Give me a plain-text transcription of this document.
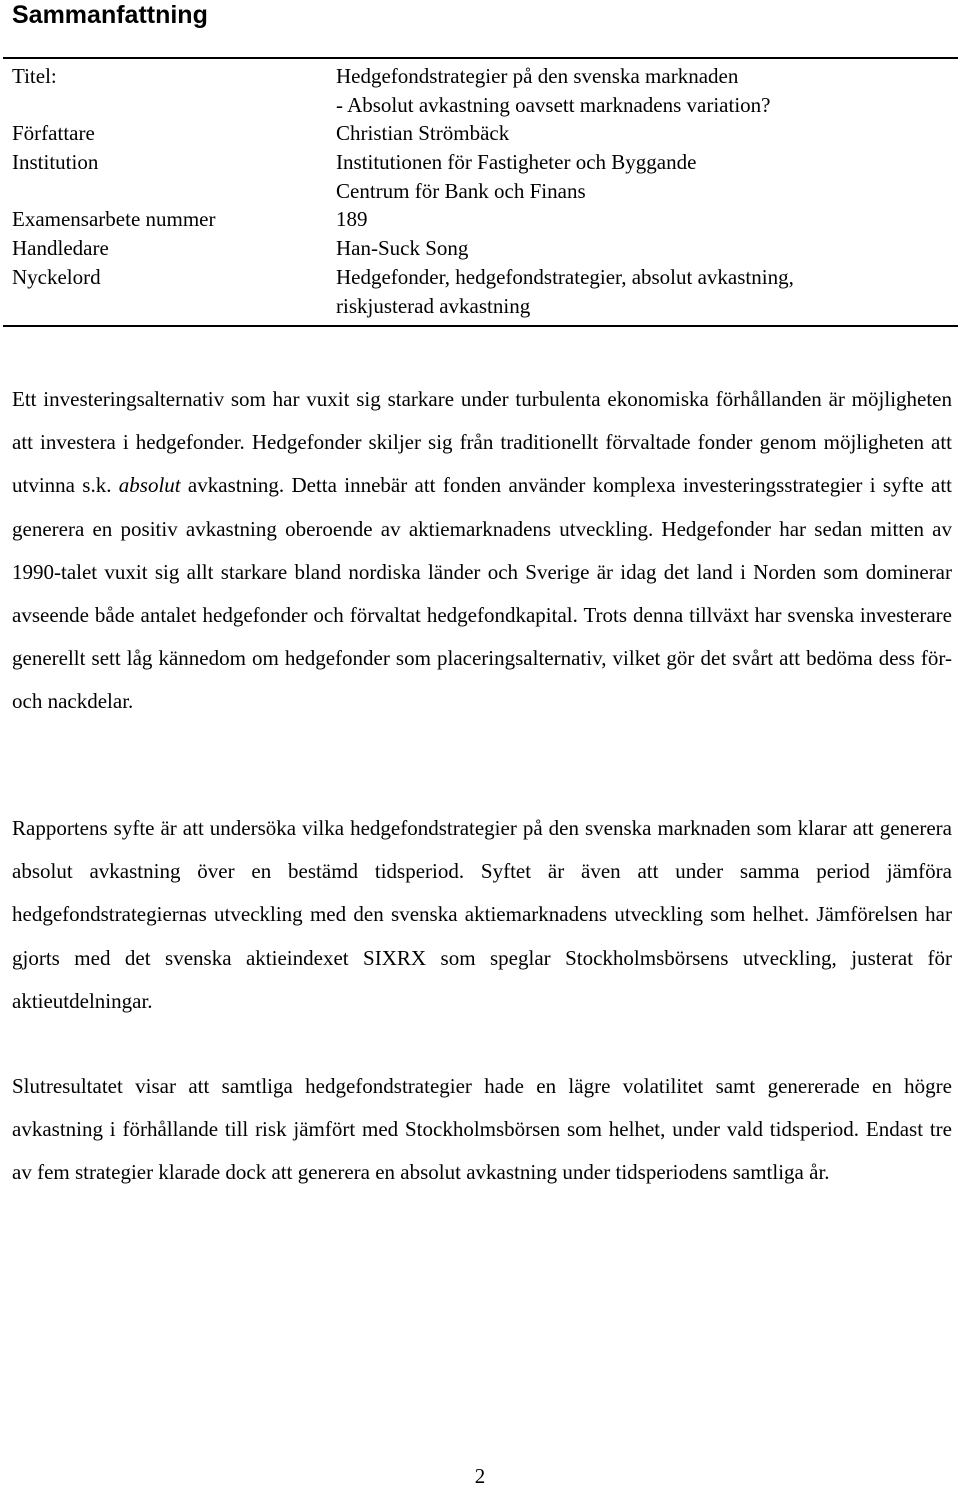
Sammanfattning
Titel:	Hedgefondstrategier på den svenska marknaden
- Absolut avkastning oavsett marknadens variation?
Författare	Christian Strömbäck
Institution	Institutionen för Fastigheter och Byggande
Centrum för Bank och Finans
Examensarbete nummer	189
Handledare	Han-Suck Song
Nyckelord	Hedgefonder, hedgefondstrategier, absolut avkastning,
riskjusterad avkastning

Ett investeringsalternativ som har vuxit sig starkare under turbulenta ekonomiska förhållanden är möjligheten att investera i hedgefonder. Hedgefonder skiljer sig från traditionellt förvaltade fonder genom möjligheten att utvinna s.k. absolut avkastning. Detta innebär att fonden använder komplexa investeringsstrategier i syfte att generera en positiv avkastning oberoende av aktiemarknadens utveckling. Hedgefonder har sedan mitten av 1990-talet vuxit sig allt starkare bland nordiska länder och Sverige är idag det land i Norden som dominerar avseende både antalet hedgefonder och förvaltat hedgefondkapital. Trots denna tillväxt har svenska investerare generellt sett låg kännedom om hedgefonder som placeringsalternativ, vilket gör det svårt att bedöma dess för- och nackdelar.

Rapportens syfte är att undersöka vilka hedgefondstrategier på den svenska marknaden som klarar att generera absolut avkastning över en bestämd tidsperiod. Syftet är även att under samma period jämföra hedgefondstrategiernas utveckling med den svenska aktiemarknadens utveckling som helhet. Jämförelsen har gjorts med det svenska aktieindexet SIXRX som speglar Stockholmsbörsens utveckling, justerat för aktieutdelningar.

Slutresultatet visar att samtliga hedgefondstrategier hade en lägre volatilitet samt genererade en högre avkastning i förhållande till risk jämfört med Stockholmsbörsen som helhet, under vald tidsperiod. Endast tre av fem strategier klarade dock att generera en absolut avkastning under tidsperiodens samtliga år.

2
